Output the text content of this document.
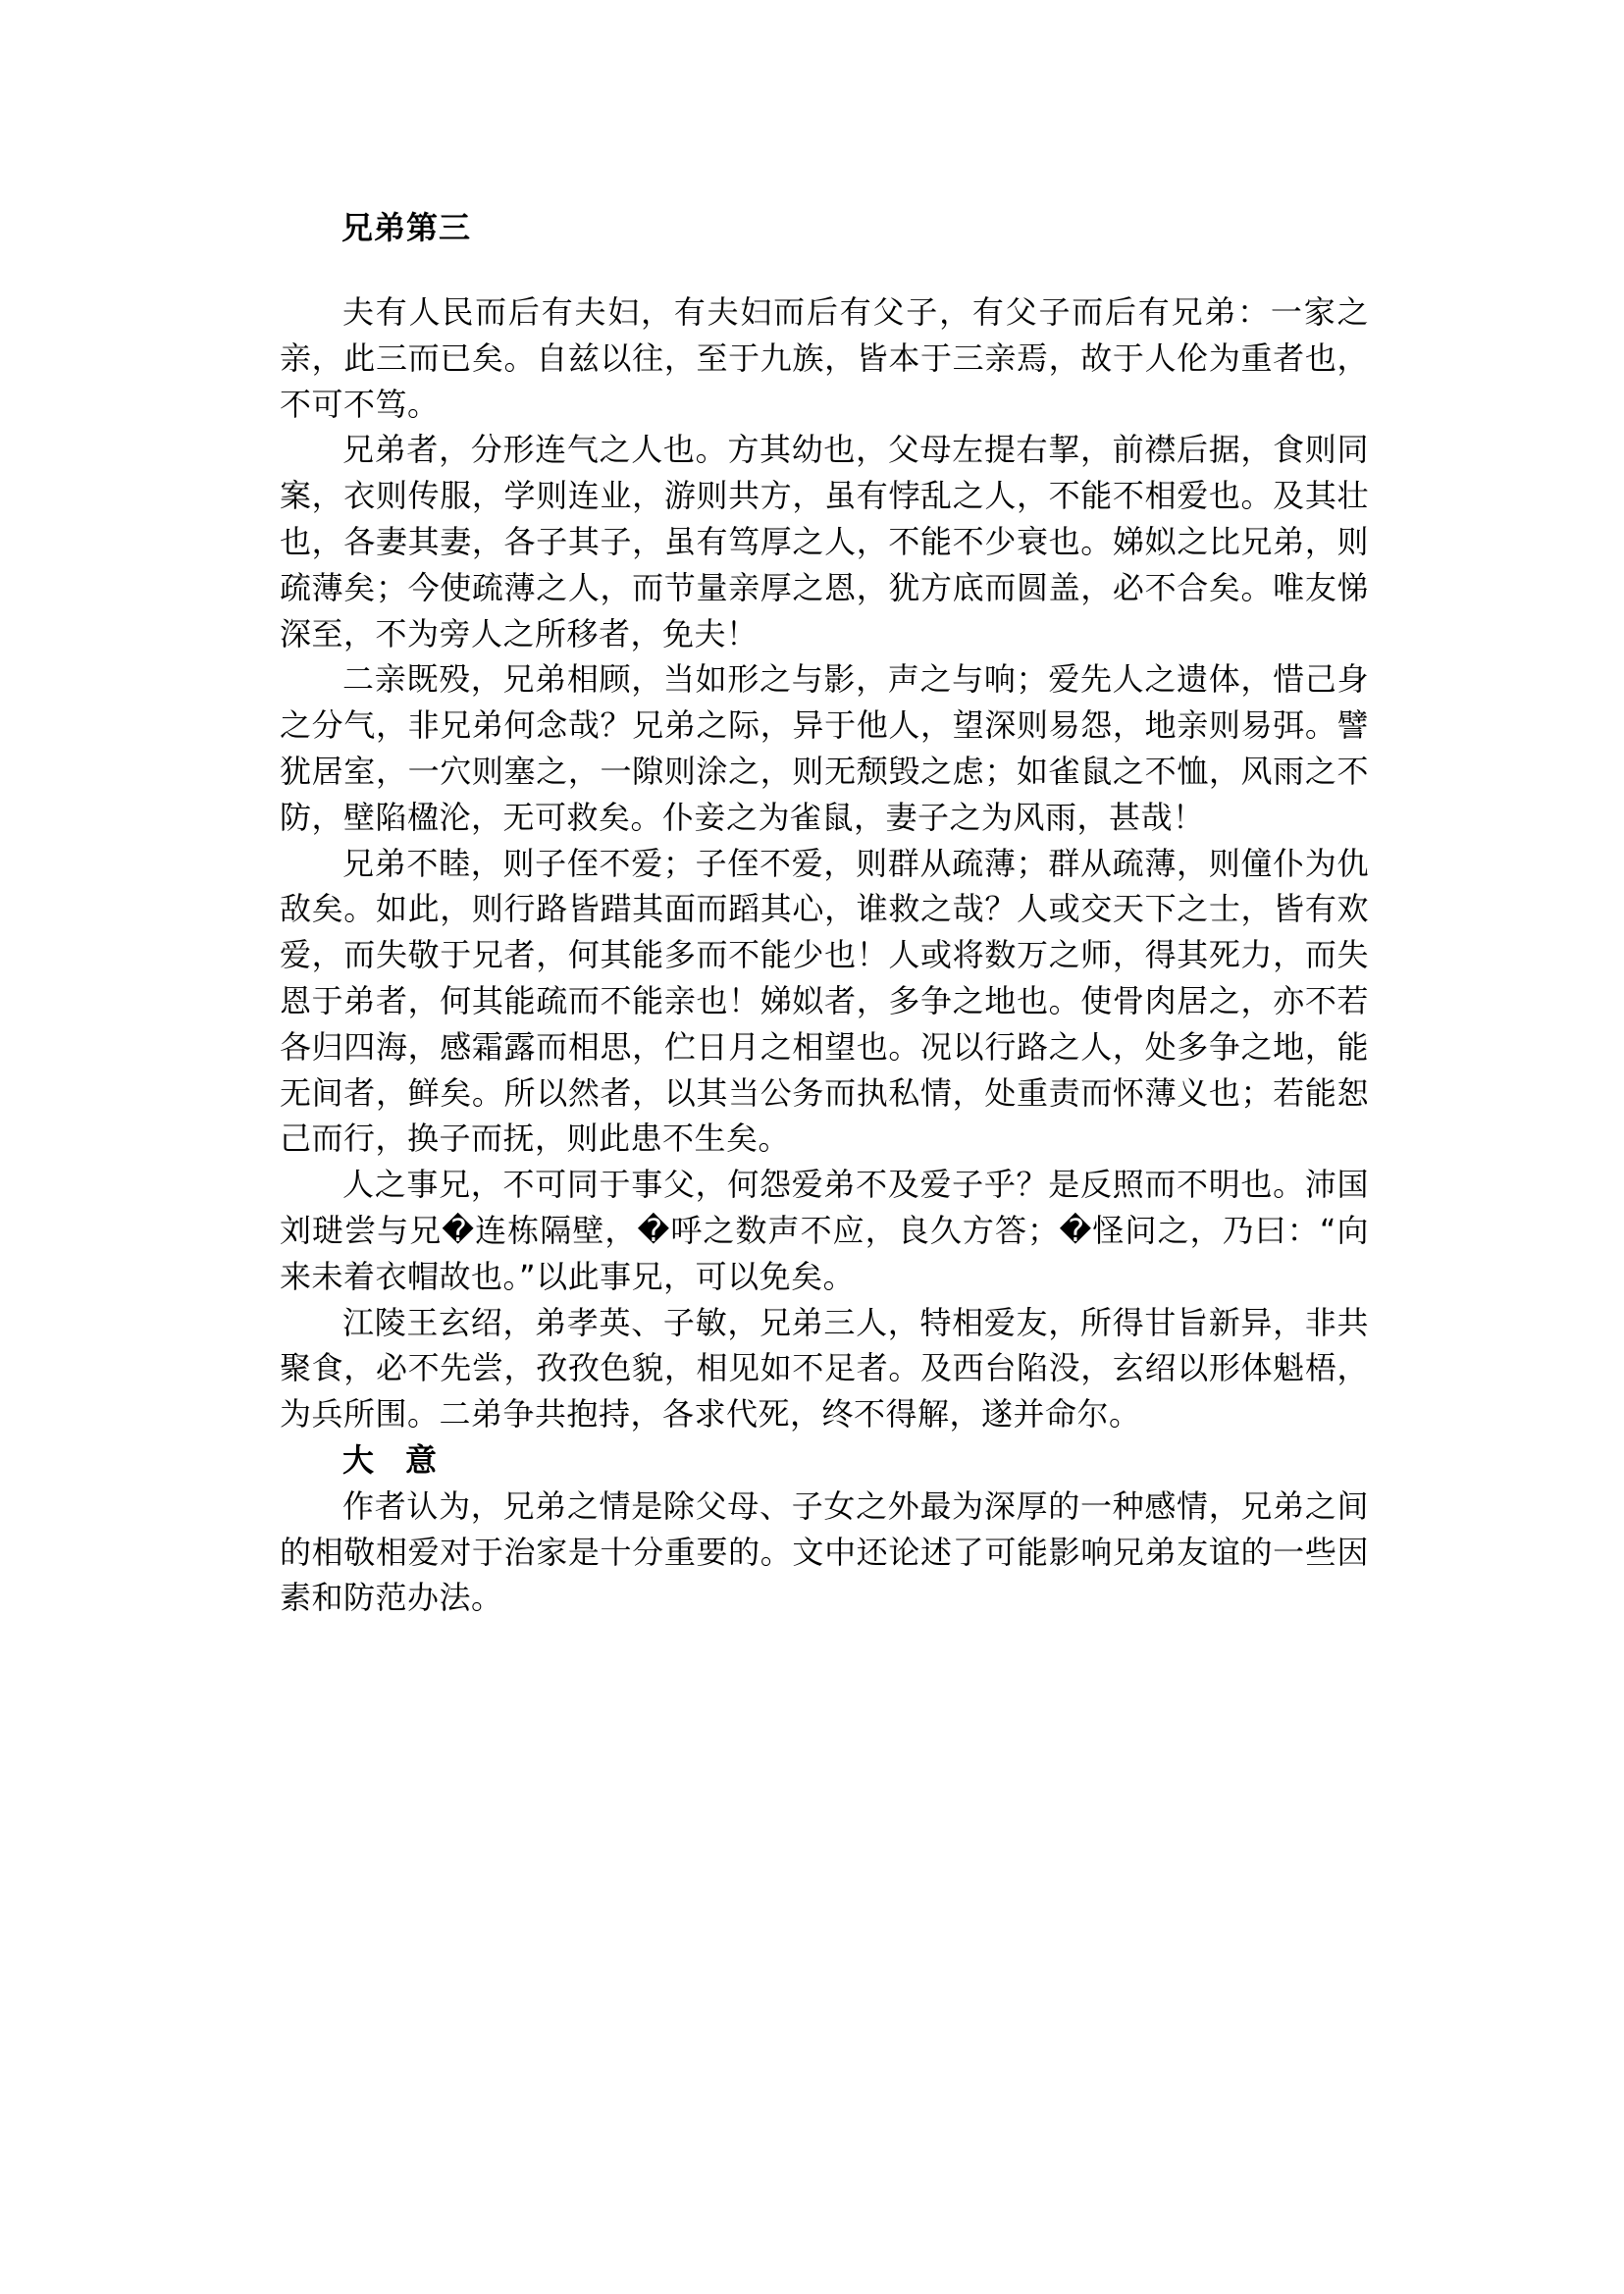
兄弟第三

夫有人民而后有夫妇，有夫妇而后有父子，有父子而后有兄弟：一家之亲，此三而已矣。自兹以往，至于九族，皆本于三亲焉，故于人伦为重者也，不可不笃。

兄弟者，分形连气之人也。方其幼也，父母左提右挈，前襟后据，食则同案，衣则传服，学则连业，游则共方，虽有悖乱之人，不能不相爱也。及其壮也，各妻其妻，各子其子，虽有笃厚之人，不能不少衰也。娣姒之比兄弟，则疏薄矣；今使疏薄之人，而节量亲厚之恩，犹方底而圆盖，必不合矣。唯友悌深至，不为旁人之所移者，免夫！

二亲既殁，兄弟相顾，当如形之与影，声之与响；爱先人之遗体，惜己身之分气，非兄弟何念哉？兄弟之际，异于他人，望深则易怨，地亲则易弭。譬犹居室，一穴则塞之，一隙则涂之，则无颓毁之虑；如雀鼠之不恤，风雨之不防，壁陷楹沦，无可救矣。仆妾之为雀鼠，妻子之为风雨，甚哉！

兄弟不睦，则子侄不爱；子侄不爱，则群从疏薄；群从疏薄，则僮仆为仇敌矣。如此，则行路皆踖其面而蹈其心，谁救之哉？人或交天下之士，皆有欢爱，而失敬于兄者，何其能多而不能少也！人或将数万之师，得其死力，而失恩于弟者，何其能疏而不能亲也！娣姒者，多争之地也。使骨肉居之，亦不若各归四海，感霜露而相思，伫日月之相望也。况以行路之人，处多争之地，能无间者，鲜矣。所以然者，以其当公务而执私情，处重责而怀薄义也；若能恕己而行，换子而抚，则此患不生矣。

人之事兄，不可同于事父，何怨爱弟不及爱子乎？是反照而不明也。沛国刘琎尝与兄�连栋隔壁，�呼之数声不应，良久方答；�怪问之，乃曰：“向来未着衣帽故也。”以此事兄，可以免矣。

江陵王玄绍，弟孝英、子敏，兄弟三人，特相爱友，所得甘旨新异，非共聚食，必不先尝，孜孜色貌，相见如不足者。及西台陷没，玄绍以形体魁梧，为兵所围。二弟争共抱持，各求代死，终不得解，遂并命尔。

大　意

作者认为，兄弟之情是除父母、子女之外最为深厚的一种感情，兄弟之间的相敬相爱对于治家是十分重要的。文中还论述了可能影响兄弟友谊的一些因素和防范办法。
